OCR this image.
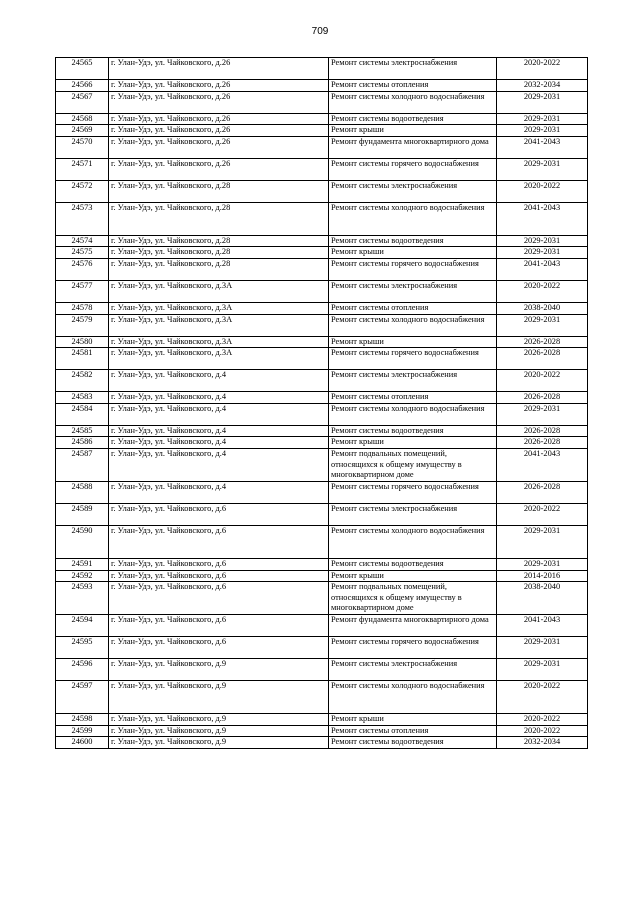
709
24565	г. Улан-Удэ, ул. Чайковского, д.26	Ремонт системы электроснабжения	2020-2022
24566	г. Улан-Удэ, ул. Чайковского, д.26	Ремонт системы отопления	2032-2034
24567	г. Улан-Удэ, ул. Чайковского, д.26	Ремонт системы холодного водоснабжения	2029-2031
24568	г. Улан-Удэ, ул. Чайковского, д.26	Ремонт системы водоотведения	2029-2031
24569	г. Улан-Удэ, ул. Чайковского, д.26	Ремонт крыши	2029-2031
24570	г. Улан-Удэ, ул. Чайковского, д.26	Ремонт фундамента многоквартирного дома	2041-2043
24571	г. Улан-Удэ, ул. Чайковского, д.26	Ремонт системы горячего водоснабжения	2029-2031
24572	г. Улан-Удэ, ул. Чайковского, д.28	Ремонт системы электроснабжения	2020-2022
24573	г. Улан-Удэ, ул. Чайковского, д.28	Ремонт системы холодного водоснабжения	2041-2043
24574	г. Улан-Удэ, ул. Чайковского, д.28	Ремонт системы водоотведения	2029-2031
24575	г. Улан-Удэ, ул. Чайковского, д.28	Ремонт крыши	2029-2031
24576	г. Улан-Удэ, ул. Чайковского, д.28	Ремонт системы горячего водоснабжения	2041-2043
24577	г. Улан-Удэ, ул. Чайковского, д.3А	Ремонт системы электроснабжения	2020-2022
24578	г. Улан-Удэ, ул. Чайковского, д.3А	Ремонт системы отопления	2038-2040
24579	г. Улан-Удэ, ул. Чайковского, д.3А	Ремонт системы холодного водоснабжения	2029-2031
24580	г. Улан-Удэ, ул. Чайковского, д.3А	Ремонт крыши	2026-2028
24581	г. Улан-Удэ, ул. Чайковского, д.3А	Ремонт системы горячего водоснабжения	2026-2028
24582	г. Улан-Удэ, ул. Чайковского, д.4	Ремонт системы электроснабжения	2020-2022
24583	г. Улан-Удэ, ул. Чайковского, д.4	Ремонт системы отопления	2026-2028
24584	г. Улан-Удэ, ул. Чайковского, д.4	Ремонт системы холодного водоснабжения	2029-2031
24585	г. Улан-Удэ, ул. Чайковского, д.4	Ремонт системы водоотведения	2026-2028
24586	г. Улан-Удэ, ул. Чайковского, д.4	Ремонт крыши	2026-2028
24587	г. Улан-Удэ, ул. Чайковского, д.4	Ремонт подвальных помещений, относящихся к общему имуществу в многоквартирном доме	2041-2043
24588	г. Улан-Удэ, ул. Чайковского, д.4	Ремонт системы горячего водоснабжения	2026-2028
24589	г. Улан-Удэ, ул. Чайковского, д.6	Ремонт системы электроснабжения	2020-2022
24590	г. Улан-Удэ, ул. Чайковского, д.6	Ремонт системы холодного водоснабжения	2029-2031
24591	г. Улан-Удэ, ул. Чайковского, д.6	Ремонт системы водоотведения	2029-2031
24592	г. Улан-Удэ, ул. Чайковского, д.6	Ремонт крыши	2014-2016
24593	г. Улан-Удэ, ул. Чайковского, д.6	Ремонт подвальных помещений, относящихся к общему имуществу в многоквартирном доме	2038-2040
24594	г. Улан-Удэ, ул. Чайковского, д.6	Ремонт фундамента многоквартирного дома	2041-2043
24595	г. Улан-Удэ, ул. Чайковского, д.6	Ремонт системы горячего водоснабжения	2029-2031
24596	г. Улан-Удэ, ул. Чайковского, д.9	Ремонт системы электроснабжения	2029-2031
24597	г. Улан-Удэ, ул. Чайковского, д.9	Ремонт системы холодного водоснабжения	2020-2022
24598	г. Улан-Удэ, ул. Чайковского, д.9	Ремонт крыши	2020-2022
24599	г. Улан-Удэ, ул. Чайковского, д.9	Ремонт системы отопления	2020-2022
24600	г. Улан-Удэ, ул. Чайковского, д.9	Ремонт системы водоотведения	2032-2034
